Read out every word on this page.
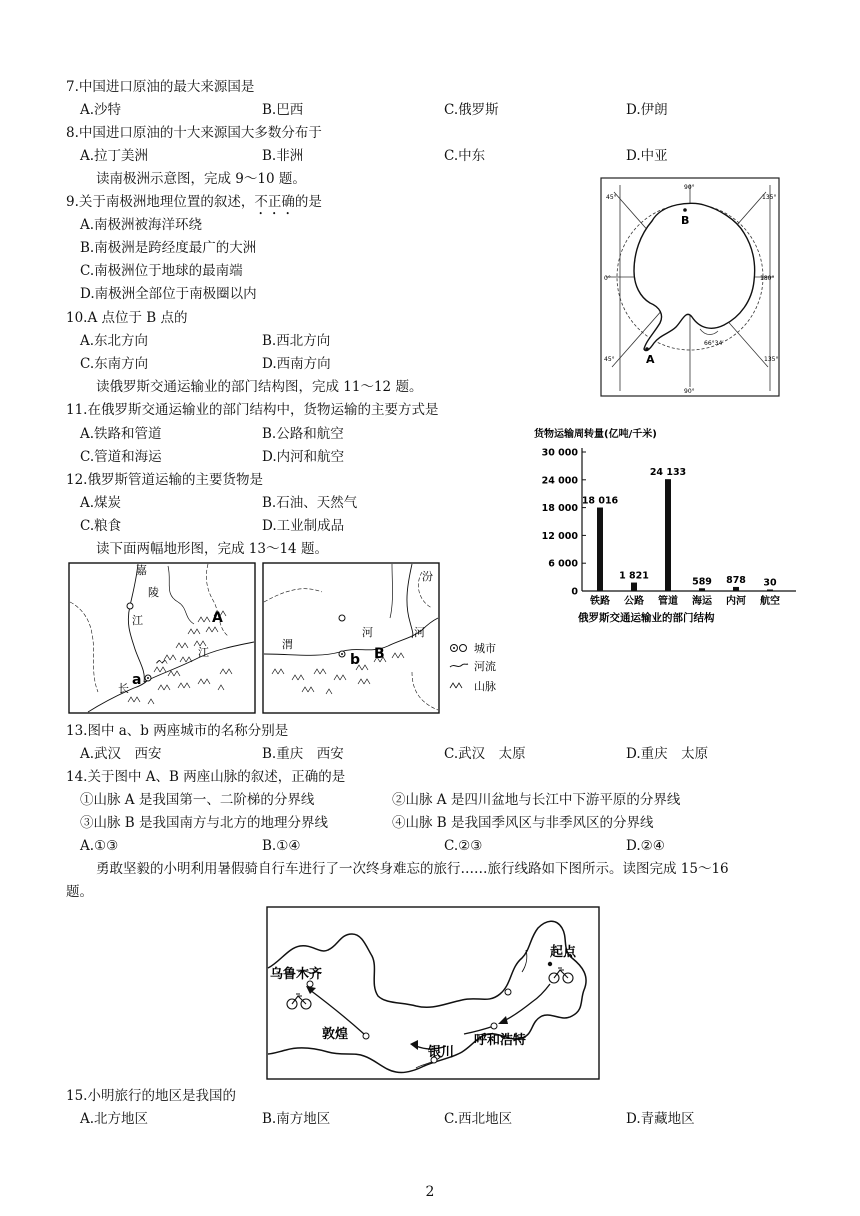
7.中国进口原油的最大来源国是
A.沙特	B.巴西	C.俄罗斯	D.伊朗
8.中国进口原油的十大来源国大多数分布于
A.拉丁美洲	B.非洲	C.中东	D.中亚
读南极洲示意图，完成 9～10 题。
9.关于南极洲地理位置的叙述，不正确的是
A.南极洲被海洋环绕
B.南极洲是跨经度最广的大洲
C.南极洲位于地球的最南端
D.南极洲全部位于南极圈以内
10.A 点位于 B 点的
A.东北方向	B.西北方向
C.东南方向	D.西南方向
读俄罗斯交通运输业的部门结构图，完成 11～12 题。
11.在俄罗斯交通运输业的部门结构中，货物运输的主要方式是
A.铁路和管道	B.公路和航空
C.管道和海运	D.内河和航空
12.俄罗斯管道运输的主要货物是
A.煤炭	B.石油、天然气
C.粮食	D.工业制成品
读下面两幅地形图，完成 13～14 题。
90°
90°
0°	180°
45°	135°
45°	135°
66°34′
B
A
货物运输周转量(亿吨/千米)
0
6 000
12 000
18 000
24 000
30 000
18 016
铁路
1 821
公路
24 133
管道
589
海运
878
内河
30
航空
俄罗斯交通运输业的部门结构
ᨓ
嘉
陵
江
江
长
A
a
汾
渭
河	河
B
b
城市
河流
山脉
13.图中 a、b 两座城市的名称分别是
A.武汉　西安	B.重庆　西安	C.武汉　太原	D.重庆　太原
14.关于图中 A、B 两座山脉的叙述，正确的是
①山脉 A 是我国第一、二阶梯的分界线	②山脉 A 是四川盆地与长江中下游平原的分界线
③山脉 B 是我国南方与北方的地理分界线	④山脉 B 是我国季风区与非季风区的分界线
A.①③	B.①④	C.②③	D.②④
勇敢坚毅的小明利用暑假骑自行车进行了一次终身难忘的旅行……旅行线路如下图所示。读图完成 15～16
题。
起点
乌鲁木齐
敦煌
银川
呼和浩特
15.小明旅行的地区是我国的
A.北方地区	B.南方地区	C.西北地区	D.青藏地区
2
